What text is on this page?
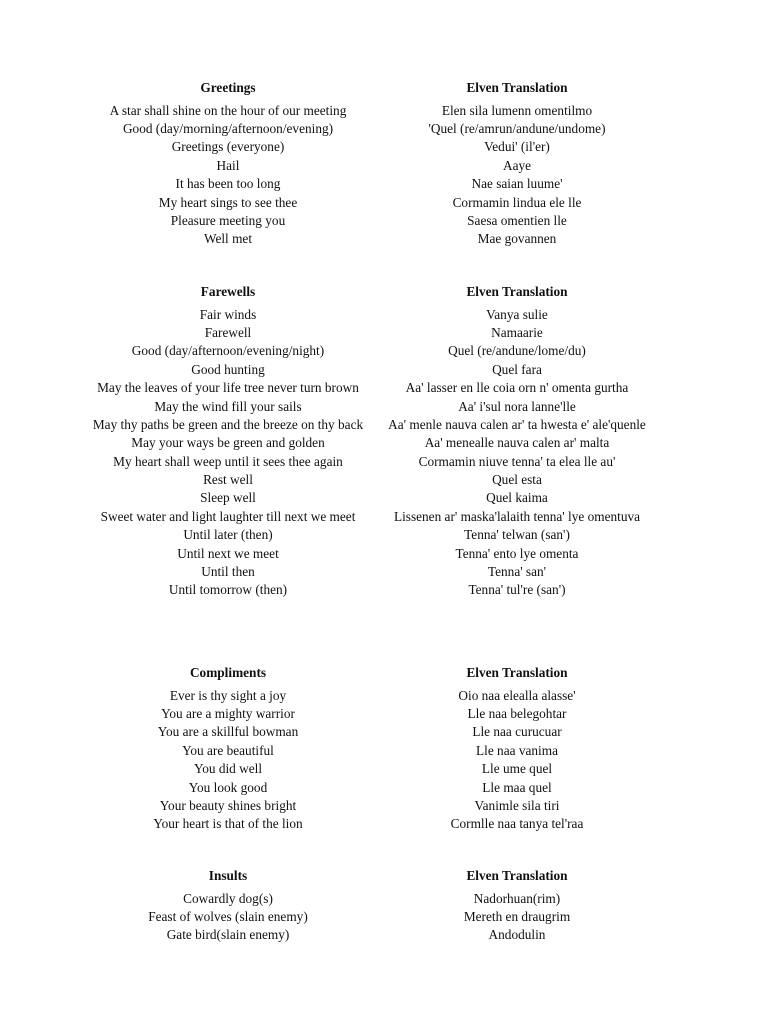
Greetings	Elven Translation
A star shall shine on the hour of our meeting	Elen sila lumenn omentilmo
Good (day/morning/afternoon/evening)	'Quel (re/amrun/andune/undome)
Greetings (everyone)	Vedui' (il'er)
Hail	Aaye
It has been too long	Nae saian luume'
My heart sings to see thee	Cormamin lindua ele lle
Pleasure meeting you	Saesa omentien lle
Well met	Mae govannen
Farewells	Elven Translation
Fair winds	Vanya sulie
Farewell	Namaarie
Good (day/afternoon/evening/night)	Quel (re/andune/lome/du)
Good hunting	Quel fara
May the leaves of your life tree never turn brown	Aa' lasser en lle coia orn n' omenta gurtha
May the wind fill your sails	Aa' i'sul nora lanne'lle
May thy paths be green and the breeze on thy back	Aa' menle nauva calen ar' ta hwesta e' ale'quenle
May your ways be green and golden	Aa' menealle nauva calen ar' malta
My heart shall weep until it sees thee again	Cormamin niuve tenna' ta elea lle au'
Rest well	Quel esta
Sleep well	Quel kaima
Sweet water and light laughter till next we meet	Lissenen ar' maska'lalaith tenna' lye omentuva
Until later (then)	Tenna' telwan (san')
Until next we meet	Tenna' ento lye omenta
Until then	Tenna' san'
Until tomorrow (then)	Tenna' tul're (san')
Compliments	Elven Translation
Ever is thy sight a joy	Oio naa elealla alasse'
You are a mighty warrior	Lle naa belegohtar
You are a skillful bowman	Lle naa curucuar
You are beautiful	Lle naa vanima
You did well	Lle ume quel
You look good	Lle maa quel
Your beauty shines bright	Vanimle sila tiri
Your heart is that of the lion	Cormlle naa tanya tel'raa
Insults	Elven Translation
Cowardly dog(s)	Nadorhuan(rim)
Feast of wolves (slain enemy)	Mereth en draugrim
Gate bird(slain enemy)	Andodulin
